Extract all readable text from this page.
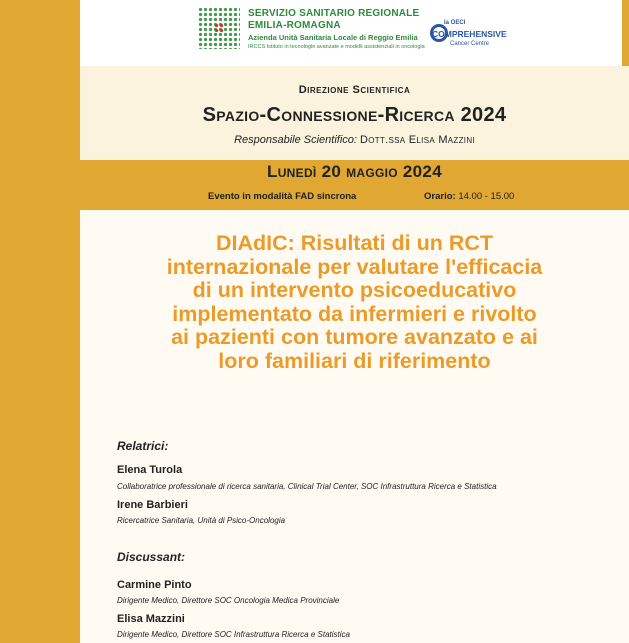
SERVIZIO SANITARIO REGIONALE
EMILIA-ROMAGNA
Azienda Unità Sanitaria Locale di Reggio Emilia
IRCCS Istituto in tecnologie avanzate e modelli assistenziali in oncologia
Ia OECI
COMPREHENSIVE
Cancer Centre
Direzione Scientifica
Spazio-Connessione-Ricerca 2024
Responsabile Scientifico: Dott.ssa Elisa Mazzini
Lunedì 20 maggio 2024
Evento in modalità FAD sincrona	Orario: 14.00 - 15.00
DIAdIC: Risultati di un RCT
internazionale per valutare l'efficacia
di un intervento psicoeducativo
implementato da infermieri e rivolto
ai pazienti con tumore avanzato e ai
loro familiari di riferimento
Relatrici:
Elena Turola
Collaboratrice professionale di ricerca sanitaria, Clinical Trial Center, SOC Infrastruttura Ricerca e Statistica
Irene Barbieri
Ricercatrice Sanitaria, Unità di Psico-Oncologia
Discussant:
Carmine Pinto
Dirigente Medico, Direttore SOC Oncologia Medica Provinciale
Elisa Mazzini
Dirigente Medico, Direttore SOC Infrastruttura Ricerca e Statistica
